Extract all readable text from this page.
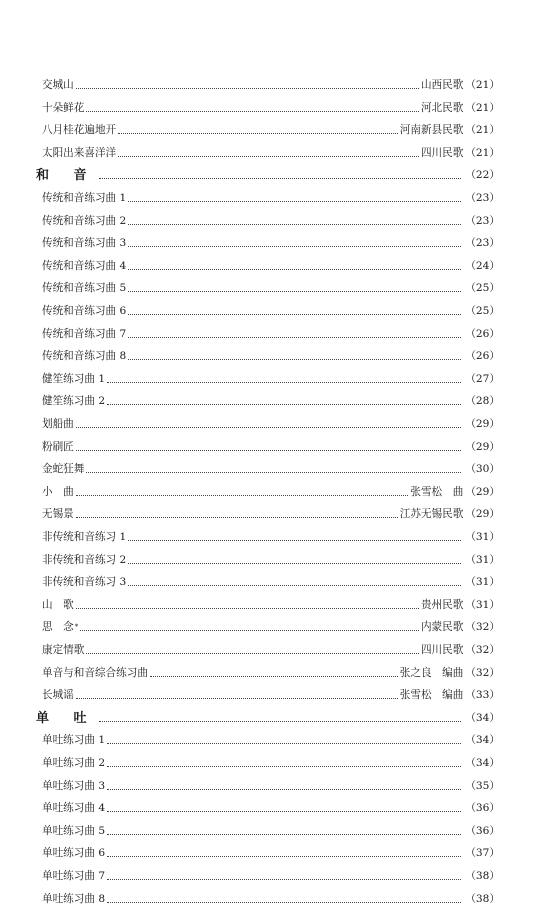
交城山	山西民歌 （21）
十朵鲜花	河北民歌 （21）
八月桂花遍地开	河南新县民歌 （21）
太阳出来喜洋洋	四川民歌 （21）
和 音	（22）
传统和音练习曲 1	（23）
传统和音练习曲 2	（23）
传统和音练习曲 3	（23）
传统和音练习曲 4	（24）
传统和音练习曲 5	（25）
传统和音练习曲 6	（25）
传统和音练习曲 7	（26）
传统和音练习曲 8	（26）
健笙练习曲 1	（27）
健笙练习曲 2	（28）
划船曲	（29）
粉刷匠	（29）
金蛇狂舞	（30）
小　曲	张雪松　曲 （29）
无锡景	江苏无锡民歌 （29）
非传统和音练习 1	（31）
非传统和音练习 2	（31）
非传统和音练习 3	（31）
山　歌	贵州民歌 （31）
思　念 *	内蒙民歌 （32）
康定情歌	四川民歌 （32）
单音与和音综合练习曲	张之良　编曲 （32）
长城谣	张雪松　编曲 （33）
单 吐	（34）
单吐练习曲 1	（34）
单吐练习曲 2	（34）
单吐练习曲 3	（35）
单吐练习曲 4	（36）
单吐练习曲 5	（36）
单吐练习曲 6	（37）
单吐练习曲 7	（38）
单吐练习曲 8	（38）
